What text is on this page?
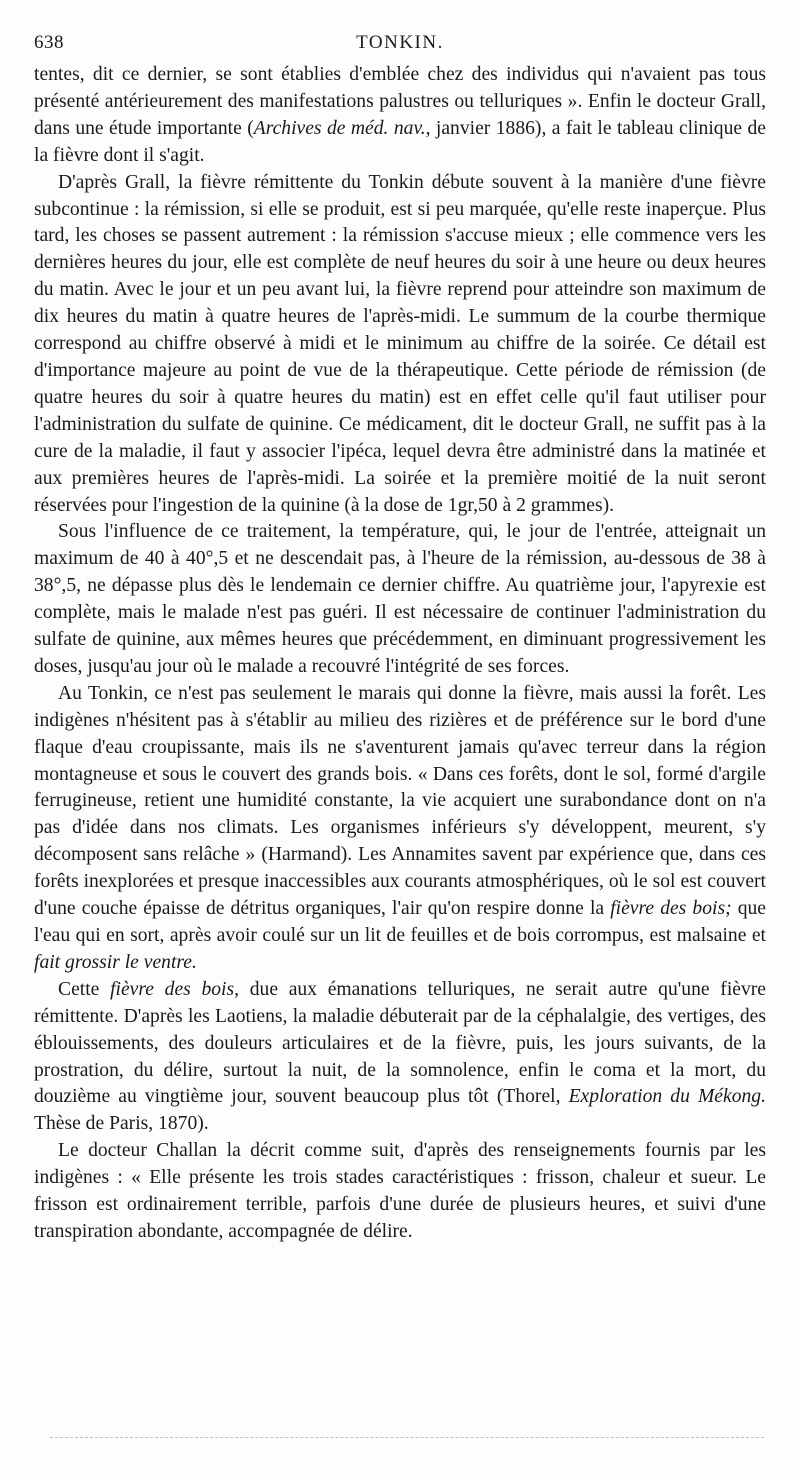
638	TONKIN.

tentes, dit ce dernier, se sont établies d'emblée chez des individus qui n'avaient pas tous présenté antérieurement des manifestations palustres ou telluriques ». Enfin le docteur Grall, dans une étude importante (Archives de méd. nav., janvier 1886), a fait le tableau clinique de la fièvre dont il s'agit.

D'après Grall, la fièvre rémittente du Tonkin débute souvent à la manière d'une fièvre subcontinue : la rémission, si elle se produit, est si peu marquée, qu'elle reste inaperçue. Plus tard, les choses se passent autrement : la rémission s'accuse mieux ; elle commence vers les dernières heures du jour, elle est complète de neuf heures du soir à une heure ou deux heures du matin. Avec le jour et un peu avant lui, la fièvre reprend pour atteindre son maximum de dix heures du matin à quatre heures de l'après-midi. Le summum de la courbe thermique correspond au chiffre observé à midi et le minimum au chiffre de la soirée. Ce détail est d'importance majeure au point de vue de la thérapeutique. Cette période de rémission (de quatre heures du soir à quatre heures du matin) est en effet celle qu'il faut utiliser pour l'administration du sulfate de quinine. Ce médicament, dit le docteur Grall, ne suffit pas à la cure de la maladie, il faut y associer l'ipéca, lequel devra être administré dans la matinée et aux premières heures de l'après-midi. La soirée et la première moitié de la nuit seront réservées pour l'ingestion de la quinine (à la dose de 1gr,50 à 2 grammes).

Sous l'influence de ce traitement, la température, qui, le jour de l'entrée, atteignait un maximum de 40 à 40°,5 et ne descendait pas, à l'heure de la rémission, au-dessous de 38 à 38°,5, ne dépasse plus dès le lendemain ce dernier chiffre. Au quatrième jour, l'apyrexie est complète, mais le malade n'est pas guéri. Il est nécessaire de continuer l'administration du sulfate de quinine, aux mêmes heures que précédemment, en diminuant progressivement les doses, jusqu'au jour où le malade a recouvré l'intégrité de ses forces.

Au Tonkin, ce n'est pas seulement le marais qui donne la fièvre, mais aussi la forêt. Les indigènes n'hésitent pas à s'établir au milieu des rizières et de préférence sur le bord d'une flaque d'eau croupissante, mais ils ne s'aventurent jamais qu'avec terreur dans la région montagneuse et sous le couvert des grands bois. « Dans ces forêts, dont le sol, formé d'argile ferrugineuse, retient une humidité constante, la vie acquiert une surabondance dont on n'a pas d'idée dans nos climats. Les organismes inférieurs s'y développent, meurent, s'y décomposent sans relâche » (Harmand). Les Annamites savent par expérience que, dans ces forêts inexplorées et presque inaccessibles aux courants atmosphériques, où le sol est couvert d'une couche épaisse de détritus organiques, l'air qu'on respire donne la fièvre des bois; que l'eau qui en sort, après avoir coulé sur un lit de feuilles et de bois corrompus, est malsaine et fait grossir le ventre.

Cette fièvre des bois, due aux émanations telluriques, ne serait autre qu'une fièvre rémittente. D'après les Laotiens, la maladie débuterait par de la céphalalgie, des vertiges, des éblouissements, des douleurs articulaires et de la fièvre, puis, les jours suivants, de la prostration, du délire, surtout la nuit, de la somnolence, enfin le coma et la mort, du douzième au vingtième jour, souvent beaucoup plus tôt (Thorel, Exploration du Mékong. Thèse de Paris, 1870).

Le docteur Challan la décrit comme suit, d'après des renseignements fournis par les indigènes : « Elle présente les trois stades caractéristiques : frisson, chaleur et sueur. Le frisson est ordinairement terrible, parfois d'une durée de plusieurs heures, et suivi d'une transpiration abondante, accompagnée de délire.
